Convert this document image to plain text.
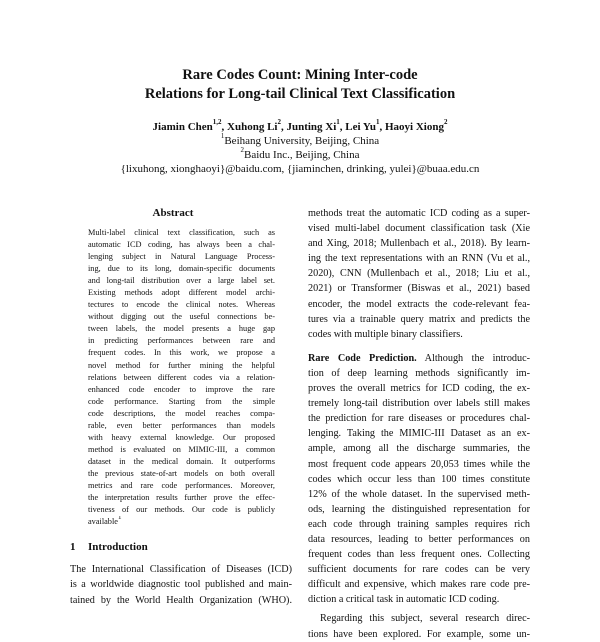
Rare Codes Count: Mining Inter-code
Relations for Long-tail Clinical Text Classification
Jiamin Chen$^{1,2}$, Xuhong Li$^2$, Junting Xi$^1$, Lei Yu$^1$, Haoyi Xiong$^2$
$^1$Beihang University, Beijing, China
$^2$Baidu Inc., Beijing, China
{lixuhong, xionghaoyi}@baidu.com, {jiaminchen, drinking, yulei}@buaa.edu.cn
Abstract
Multi-label clinical text classification, such as
automatic ICD coding, has always been a chal-
lenging subject in Natural Language Process-
ing, due to its long, domain-specific documents
and long-tail distribution over a large label set.
Existing methods adopt different model archi-
tectures to encode the clinical notes. Whereas
without digging out the useful connections be-
tween labels, the model presents a huge gap
in predicting performances between rare and
frequent codes. In this work, we propose a
novel method for further mining the helpful
relations between different codes via a relation-
enhanced code encoder to improve the rare
code performance. Starting from the simple
code descriptions, the model reaches compa-
rable, even better performances than models
with heavy external knowledge. Our proposed
method is evaluated on MIMIC-III, a common
dataset in the medical domain. It outperforms
the previous state-of-art models on both overall
metrics and rare code performances. Moreover,
the interpretation results further prove the effec-
tiveness of our methods. Our code is publicly
available$^1$
1 Introduction
The International Classification of Diseases (ICD)
is a worldwide diagnostic tool published and main-
tained by the World Health Organization (WHO).
methods treat the automatic ICD coding as a super-
vised multi-label document classification task (Xie
and Xing, 2018; Mullenbach et al., 2018). By learn-
ing the text representations with an RNN (Vu et al.,
2020), CNN (Mullenbach et al., 2018; Liu et al.,
2021) or Transformer (Biswas et al., 2021) based
encoder, the model extracts the code-relevant fea-
tures via a trainable query matrix and predicts the
codes with multiple binary classifiers.
Rare Code Prediction. Although the introduc-
tion of deep learning methods significantly im-
proves the overall metrics for ICD coding, the ex-
tremely long-tail distribution over labels still makes
the prediction for rare diseases or procedures chal-
lenging. Taking the MIMIC-III Dataset as an ex-
ample, among all the discharge summaries, the
most frequent code appears 20,053 times while the
codes which occur less than 100 times constitute
12% of the whole dataset. In the supervised meth-
ods, learning the distinguished representation for
each code through training samples requires rich
data resources, leading to better performances on
frequent codes than less frequent ones. Collecting
sufficient documents for rare codes can be very
difficult and expensive, which makes rare code pre-
diction a critical task in automatic ICD coding.
Regarding this subject, several research direc-
tions have been explored. For example, some un-
